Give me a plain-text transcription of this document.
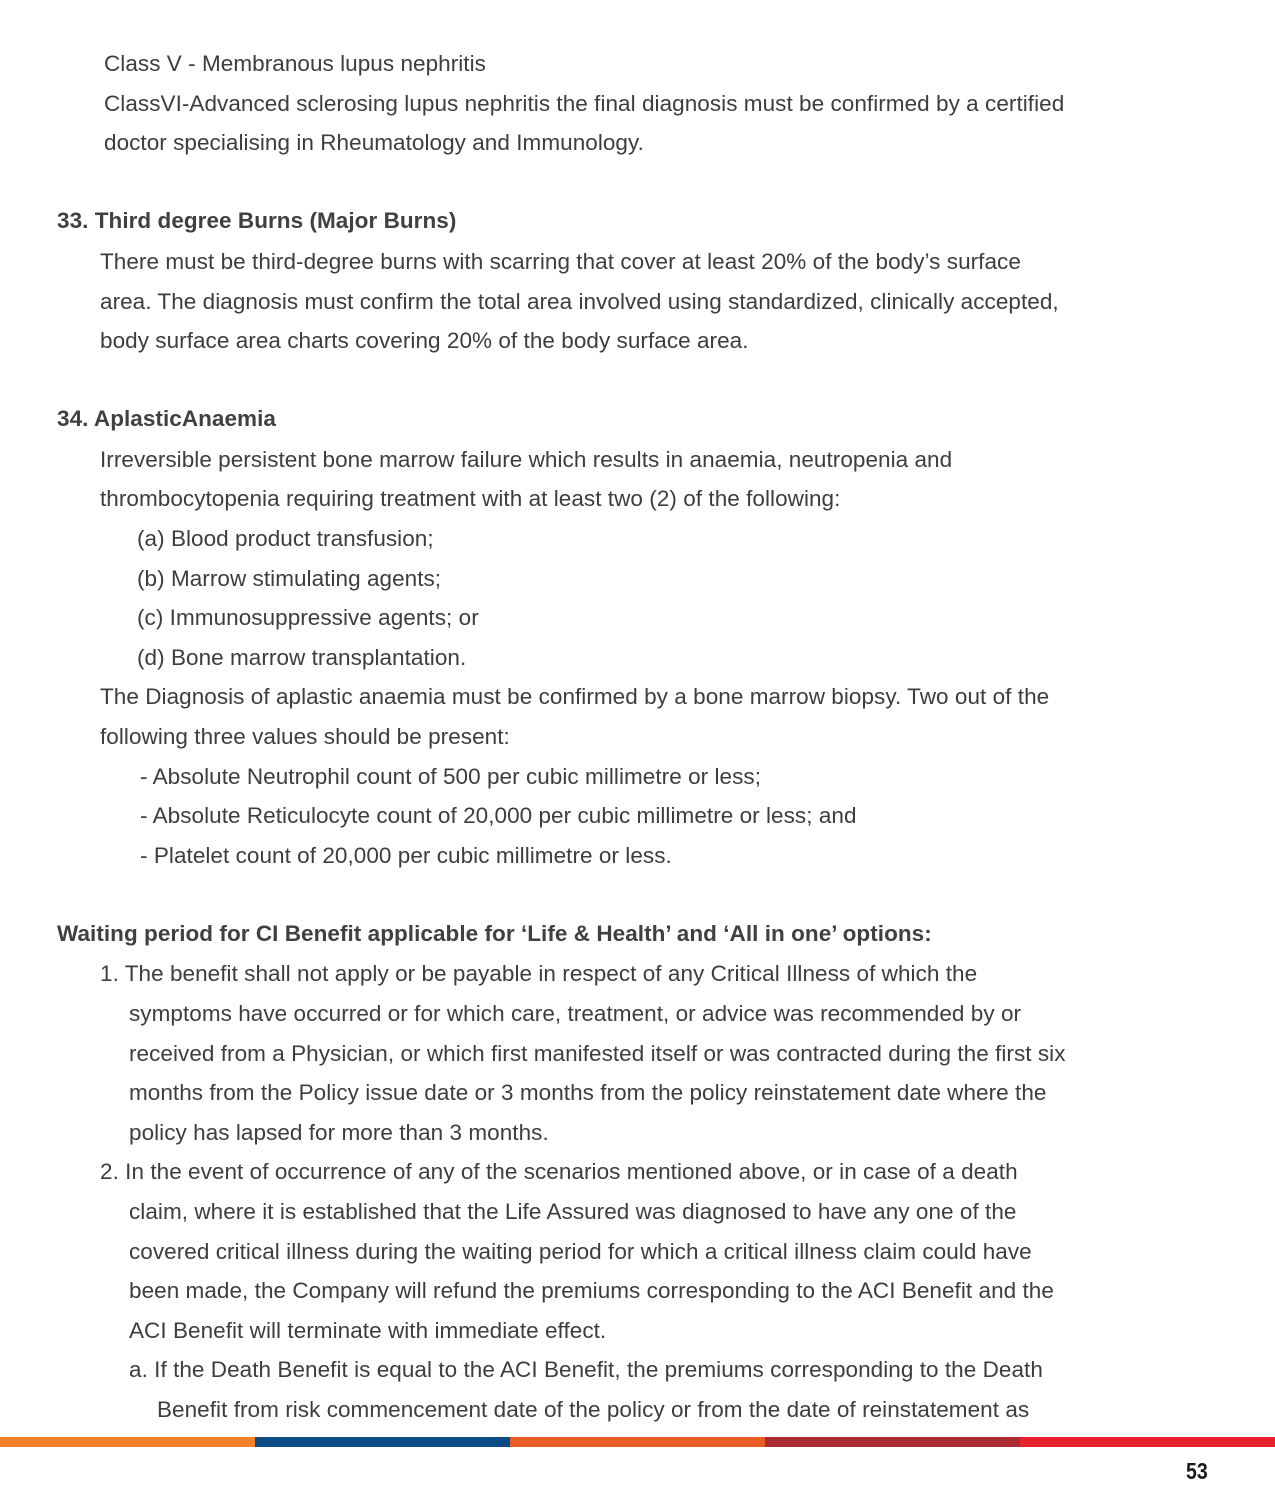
Class V - Membranous lupus nephritis
ClassVI-Advanced sclerosing lupus nephritis the final diagnosis must be confirmed by a certified
doctor specialising in Rheumatology and Immunology.
33. Third degree Burns (Major Burns)
There must be third-degree burns with scarring that cover at least 20% of the body’s surface
area. The diagnosis must confirm the total area involved using standardized, clinically accepted,
body surface area charts covering 20% of the body surface area.
34. AplasticAnaemia
Irreversible persistent bone marrow failure which results in anaemia, neutropenia and
thrombocytopenia requiring treatment with at least two (2) of the following:
(a) Blood product transfusion;
(b) Marrow stimulating agents;
(c) Immunosuppressive agents; or
(d) Bone marrow transplantation.
The Diagnosis of aplastic anaemia must be confirmed by a bone marrow biopsy. Two out of the
following three values should be present:
- Absolute Neutrophil count of 500 per cubic millimetre or less;
- Absolute Reticulocyte count of 20,000 per cubic millimetre or less; and
- Platelet count of 20,000 per cubic millimetre or less.
Waiting period for CI Benefit applicable for ‘Life & Health’ and ‘All in one’ options:
1. The benefit shall not apply or be payable in respect of any Critical Illness of which the
symptoms have occurred or for which care, treatment, or advice was recommended by or
received from a Physician, or which first manifested itself or was contracted during the first six
months from the Policy issue date or 3 months from the policy reinstatement date where the
policy has lapsed for more than 3 months.
2. In the event of occurrence of any of the scenarios mentioned above, or in case of a death
claim, where it is established that the Life Assured was diagnosed to have any one of the
covered critical illness during the waiting period for which a critical illness claim could have
been made, the Company will refund the premiums corresponding to the ACI Benefit and the
ACI Benefit will terminate with immediate effect.
a. If the Death Benefit is equal to the ACI Benefit, the premiums corresponding to the Death
Benefit from risk commencement date of the policy or from the date of reinstatement as
53
